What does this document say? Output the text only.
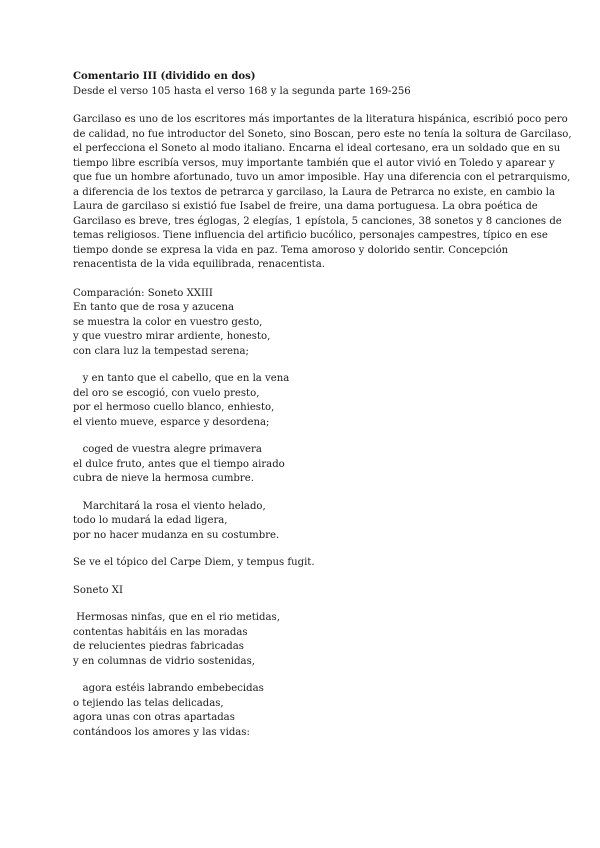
Comentario III (dividido en dos)
Desde el verso 105 hasta el verso 168 y la segunda parte 169-256
Garcilaso es uno de los escritores más importantes de la literatura hispánica, escribió poco pero
de calidad, no fue introductor del Soneto, sino Boscan, pero este no tenía la soltura de Garcilaso,
el perfecciona el Soneto al modo italiano. Encarna el ideal cortesano, era un soldado que en su
tiempo libre escribía versos, muy importante también que el autor vivió en Toledo y aparear y
que fue un hombre afortunado, tuvo un amor imposible. Hay una diferencia con el petrarquismo,
a diferencia de los textos de petrarca y garcilaso, la Laura de Petrarca no existe, en cambio la
Laura de garcilaso si existió fue Isabel de freire, una dama portuguesa. La obra poética de
Garcilaso es breve, tres églogas, 2 elegías, 1 epístola, 5 canciones, 38 sonetos y 8 canciones de
temas religiosos. Tiene influencia del artificio bucólico, personajes campestres, típico en ese
tiempo donde se expresa la vida en paz. Tema amoroso y dolorido sentir. Concepción
renacentista de la vida equilibrada, renacentista.
Comparación: Soneto XXIII
En tanto que de rosa y azucena
se muestra la color en vuestro gesto,
y que vuestro mirar ardiente, honesto,
con clara luz la tempestad serena;
y en tanto que el cabello, que en la vena
del oro se escogió, con vuelo presto,
por el hermoso cuello blanco, enhiesto,
el viento mueve, esparce y desordena;
coged de vuestra alegre primavera
el dulce fruto, antes que el tiempo airado
cubra de nieve la hermosa cumbre.
Marchitará la rosa el viento helado,
todo lo mudará la edad ligera,
por no hacer mudanza en su costumbre.
Se ve el tópico del Carpe Diem, y tempus fugit.
Soneto XI
Hermosas ninfas, que en el rio metidas,
contentas habitáis en las moradas
de relucientes piedras fabricadas
y en columnas de vidrio sostenidas,
agora estéis labrando embebecidas
o tejiendo las telas delicadas,
agora unas con otras apartadas
contándoos los amores y las vidas:
